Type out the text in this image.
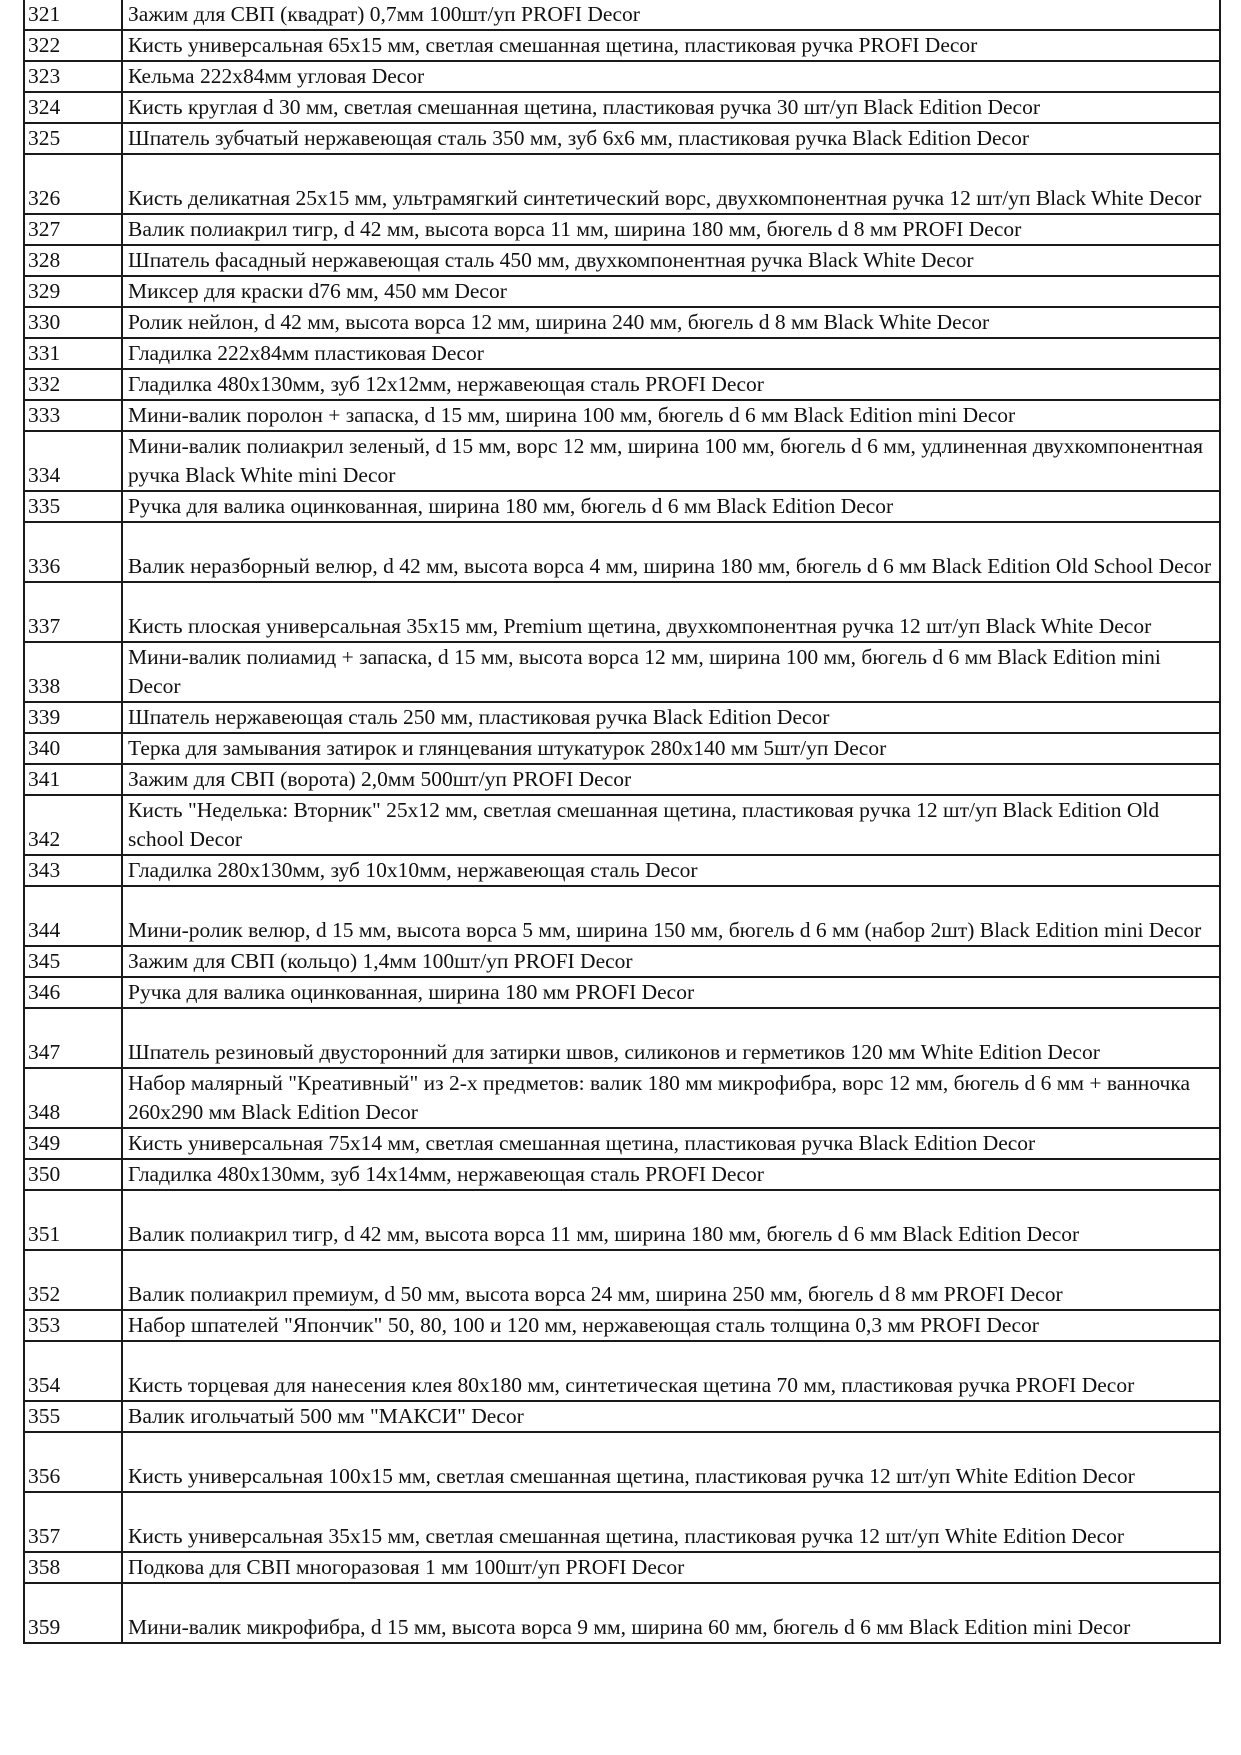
321	Зажим для СВП (квадрат) 0,7мм 100шт/уп PROFI Decor
322	Кисть универсальная 65х15 мм, светлая смешанная щетина, пластиковая ручка PROFI Decor
323	Кельма 222х84мм угловая Decor
324	Кисть круглая d 30 мм, светлая смешанная щетина, пластиковая ручка 30 шт/уп Black Edition Decor
325	Шпатель зубчатый нержавеющая сталь 350 мм, зуб 6х6 мм, пластиковая ручка Black Edition Decor
326	Кисть деликатная 25х15 мм, ультрамягкий синтетический ворс, двухкомпонентная ручка 12 шт/уп Black White Decor
327	Валик полиакрил тигр, d 42 мм, высота ворса 11 мм, ширина 180 мм, бюгель d 8 мм PROFI Decor
328	Шпатель фасадный нержавеющая сталь 450 мм, двухкомпонентная ручка Black White Decor
329	Миксер для краски d76 мм, 450 мм Decor
330	Ролик нейлон, d 42 мм, высота ворса 12 мм, ширина 240 мм, бюгель d 8 мм Black White Decor
331	Гладилка 222х84мм пластиковая Decor
332	Гладилка 480х130мм, зуб 12х12мм, нержавеющая сталь PROFI Decor
333	Мини-валик поролон + запаска, d 15 мм, ширина 100 мм, бюгель d 6 мм Black Edition mini Decor
334	Мини-валик полиакрил зеленый, d 15 мм, ворс 12 мм, ширина 100 мм, бюгель d 6 мм, удлиненная двухкомпонентная ручка Black White mini Decor
335	Ручка для валика оцинкованная, ширина 180 мм, бюгель d 6 мм Black Edition Decor
336	Валик неразборный велюр, d 42 мм, высота ворса 4 мм, ширина 180 мм, бюгель d 6 мм Black Edition Old School Decor
337	Кисть плоская универсальная 35х15 мм, Premium щетина, двухкомпонентная ручка 12 шт/уп Black White Decor
338	Мини-валик полиамид + запаска, d 15 мм, высота ворса 12 мм, ширина 100 мм, бюгель d 6 мм Black Edition mini Decor
339	Шпатель нержавеющая сталь 250 мм, пластиковая ручка Black Edition Decor
340	Терка для замывания затирок и глянцевания штукатурок 280х140 мм 5шт/уп Decor
341	Зажим для СВП (ворота) 2,0мм 500шт/уп PROFI Decor
342	Кисть "Неделька: Вторник" 25х12 мм, светлая смешанная щетина, пластиковая ручка 12 шт/уп Black Edition Old school Decor
343	Гладилка 280х130мм, зуб 10х10мм, нержавеющая сталь Decor
344	Мини-ролик велюр, d 15 мм, высота ворса 5 мм, ширина 150 мм, бюгель d 6 мм (набор 2шт) Black Edition mini Decor
345	Зажим для СВП (кольцо) 1,4мм 100шт/уп PROFI Decor
346	Ручка для валика оцинкованная, ширина 180 мм PROFI Decor
347	Шпатель резиновый двусторонний для затирки швов, силиконов и герметиков 120 мм White Edition Decor
348	Набор малярный "Креативный" из 2-х предметов: валик 180 мм микрофибра, ворс 12 мм, бюгель d 6 мм + ванночка 260х290 мм Black Edition Decor
349	Кисть универсальная 75х14 мм, светлая смешанная щетина, пластиковая ручка Black Edition Decor
350	Гладилка 480х130мм, зуб 14х14мм, нержавеющая сталь PROFI Decor
351	Валик полиакрил тигр, d 42 мм, высота ворса 11 мм, ширина 180 мм, бюгель d 6 мм Black Edition Decor
352	Валик полиакрил премиум, d 50 мм, высота ворса 24 мм, ширина 250 мм, бюгель d 8 мм PROFI Decor
353	Набор шпателей "Япончик" 50, 80, 100 и 120 мм, нержавеющая сталь толщина 0,3 мм PROFI Decor
354	Кисть торцевая для нанесения клея 80х180 мм, синтетическая щетина 70 мм, пластиковая ручка PROFI Decor
355	Валик игольчатый 500 мм "МАКСИ" Decor
356	Кисть универсальная 100х15 мм, светлая смешанная щетина, пластиковая ручка 12 шт/уп White Edition Decor
357	Кисть универсальная 35х15 мм, светлая смешанная щетина, пластиковая ручка 12 шт/уп White Edition Decor
358	Подкова для СВП многоразовая 1 мм 100шт/уп PROFI Decor
359	Мини-валик микрофибра, d 15 мм, высота ворса 9 мм, ширина 60 мм, бюгель d 6 мм Black Edition mini Decor
